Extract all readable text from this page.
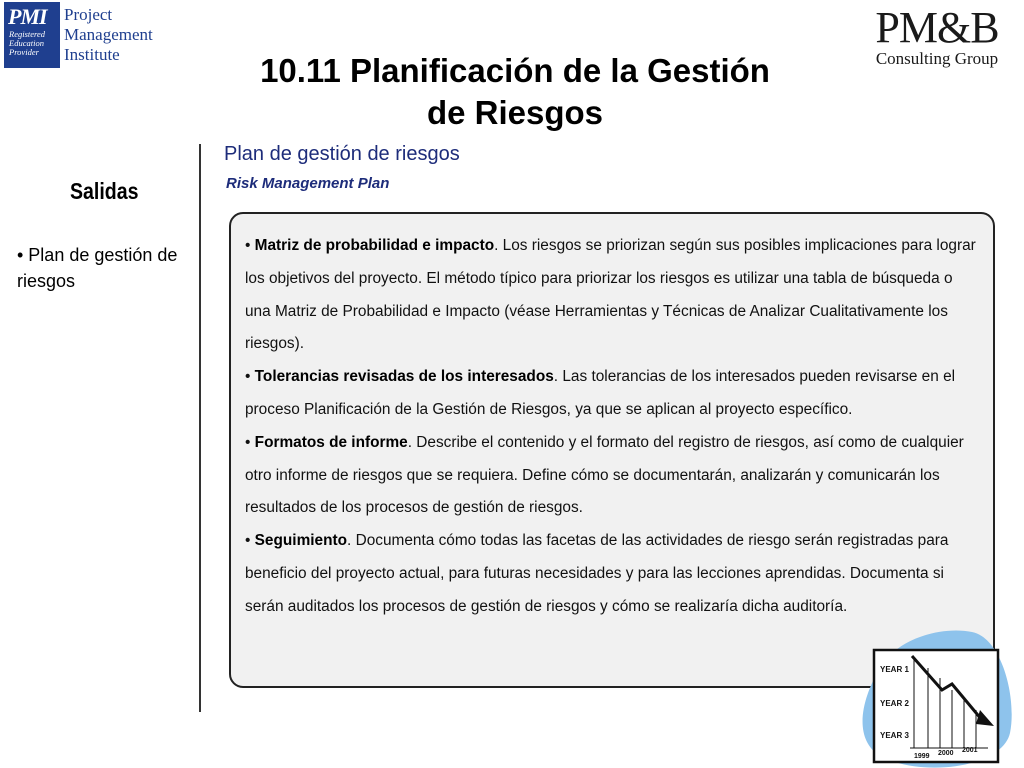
PMI
Registered
Education
Provider
Project
Management
Institute
PM&B
Consulting Group
10.11 Planificación de la Gestión
de Riesgos
Salidas
• Plan de gestión de riesgos
Plan de gestión de riesgos
Risk Management Plan

• Matriz de probabilidad e impacto. Los riesgos se priorizan según sus posibles implicaciones para lograr los objetivos del proyecto. El método típico para priorizar los riesgos es utilizar una tabla de búsqueda o una Matriz de Probabilidad e Impacto (véase Herramientas y Técnicas de Analizar Cualitativamente los riesgos).

• Tolerancias revisadas de los interesados. Las tolerancias de los interesados pueden revisarse en el proceso Planificación de la Gestión de Riesgos, ya que se aplican al proyecto específico.

• Formatos de informe. Describe el contenido y el formato del registro de riesgos, así como de cualquier otro informe de riesgos que se requiera. Define cómo se documentarán, analizarán y comunicarán los resultados de los procesos de gestión de riesgos.

• Seguimiento. Documenta cómo todas las facetas de las actividades de riesgo serán registradas para beneficio del proyecto actual, para futuras necesidades y para las lecciones aprendidas. Documenta si serán auditados los procesos de gestión de riesgos y cómo se realizaría dicha auditoría.

YEAR 1
YEAR 2
YEAR 3
1999 2000 2001
